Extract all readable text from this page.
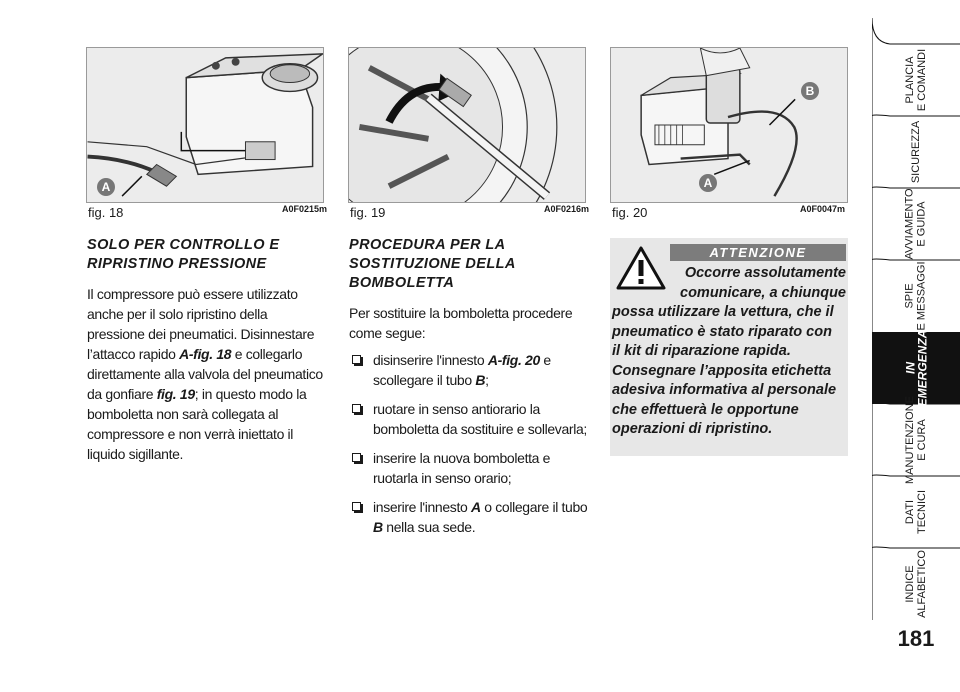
A
fig. 18	A0F0215m fig. 19	A0F0216m
B
A
fig. 20	A0F0047m
SOLO PER CONTROLLO E RIPRISTINO PRESSIONE

Il compressore può essere utilizzato anche per il solo ripristino della pressione dei pneumatici. Disinnestare l’attacco rapido A-fig. 18 e collegarlo direttamente alla valvola del pneumatico da gonfiare fig. 19; in questo modo la bomboletta non sarà collegata al compressore e non verrà iniettato il liquido sigillante.

PROCEDURA PER LA SOSTITUZIONE DELLA BOMBOLETTA

Per sostituire la bomboletta procedere come segue:

disinserire l'innesto A-fig. 20 e scollegare il tubo B;
ruotare in senso antiorario la bomboletta da sostituire e sollevarla;
inserire la nuova bomboletta e ruotarla in senso orario;
inserire l'innesto A o collegare il tubo B nella sua sede.
ATTENZIONE

Occorre assolutamente comunicare, a chiunque

possa utilizzare la vettura, che il pneumatico è stato riparato con il kit di riparazione rapida. Consegnare l’apposita etichetta adesiva informativa al personale che effettuerà le opportune operazioni di ripristino.

PLANCIA
E COMANDI
SICUREZZA
AVVIAMENTO
E GUIDA
SPIE
E MESSAGGI
IN
EMERGENZA
MANUTENZIONE
E CURA
DATI
TECNICI
INDICE
ALFABETICO
181
